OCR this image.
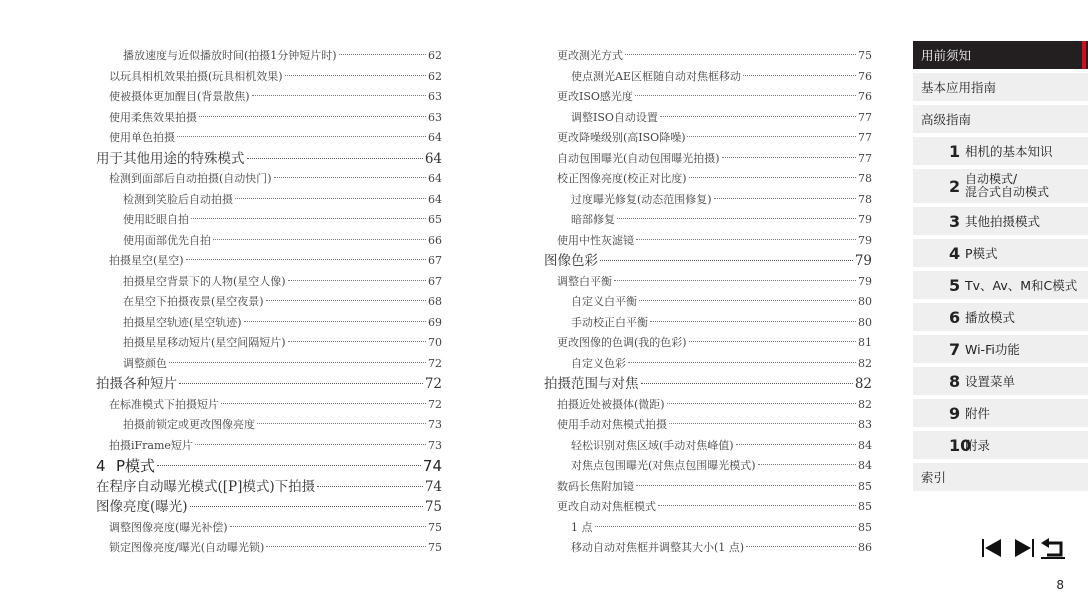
播放速度与近似播放时间(拍摄1分钟短片时)	62
以玩具相机效果拍摄(玩具相机效果)	62
使被摄体更加醒目(背景散焦)	63
使用柔焦效果拍摄	63
使用单色拍摄	64
用于其他用途的特殊模式	64
检测到面部后自动拍摄(自动快门)	64
检测到笑脸后自动拍摄	64
使用眨眼自拍	65
使用面部优先自拍	66
拍摄星空(星空)	67
拍摄星空背景下的人物(星空人像)	67
在星空下拍摄夜景(星空夜景)	68
拍摄星空轨迹(星空轨迹)	69
拍摄星星移动短片(星空间隔短片)	70
调整颜色	72
拍摄各种短片	72
在标准模式下拍摄短片	72
拍摄前锁定或更改图像亮度	73
拍摄iFrame短片	73
4 P模式	74
在程序自动曝光模式([P]模式)下拍摄	74
图像亮度(曝光)	75
调整图像亮度(曝光补偿)	75
锁定图像亮度/曝光(自动曝光锁)	75
更改测光方式	75
使点测光AE区框随自动对焦框移动	76
更改ISO感光度	76
调整ISO自动设置	77
更改降噪级别(高ISO降噪)	77
自动包围曝光(自动包围曝光拍摄)	77
校正图像亮度(校正对比度)	78
过度曝光修复(动态范围修复)	78
暗部修复	79
使用中性灰滤镜	79
图像色彩	79
调整白平衡	79
自定义白平衡	80
手动校正白平衡	80
更改图像的色调(我的色彩)	81
自定义色彩	82
拍摄范围与对焦	82
拍摄近处被摄体(微距)	82
使用手动对焦模式拍摄	83
轻松识别对焦区域(手动对焦峰值)	84
对焦点包围曝光(对焦点包围曝光模式)	84
数码长焦附加镜	85
更改自动对焦框模式	85
1 点	85
移动自动对焦框并调整其大小(1 点)	86
用前须知
基本应用指南
高级指南
1 相机的基本知识
2 自动模式/
混合式自动模式
3 其他拍摄模式
4 P模式
5 Tv、Av、M和C模式
6 播放模式
7 Wi-Fi功能
8 设置菜单
9 附件
10
附录
索引
8
